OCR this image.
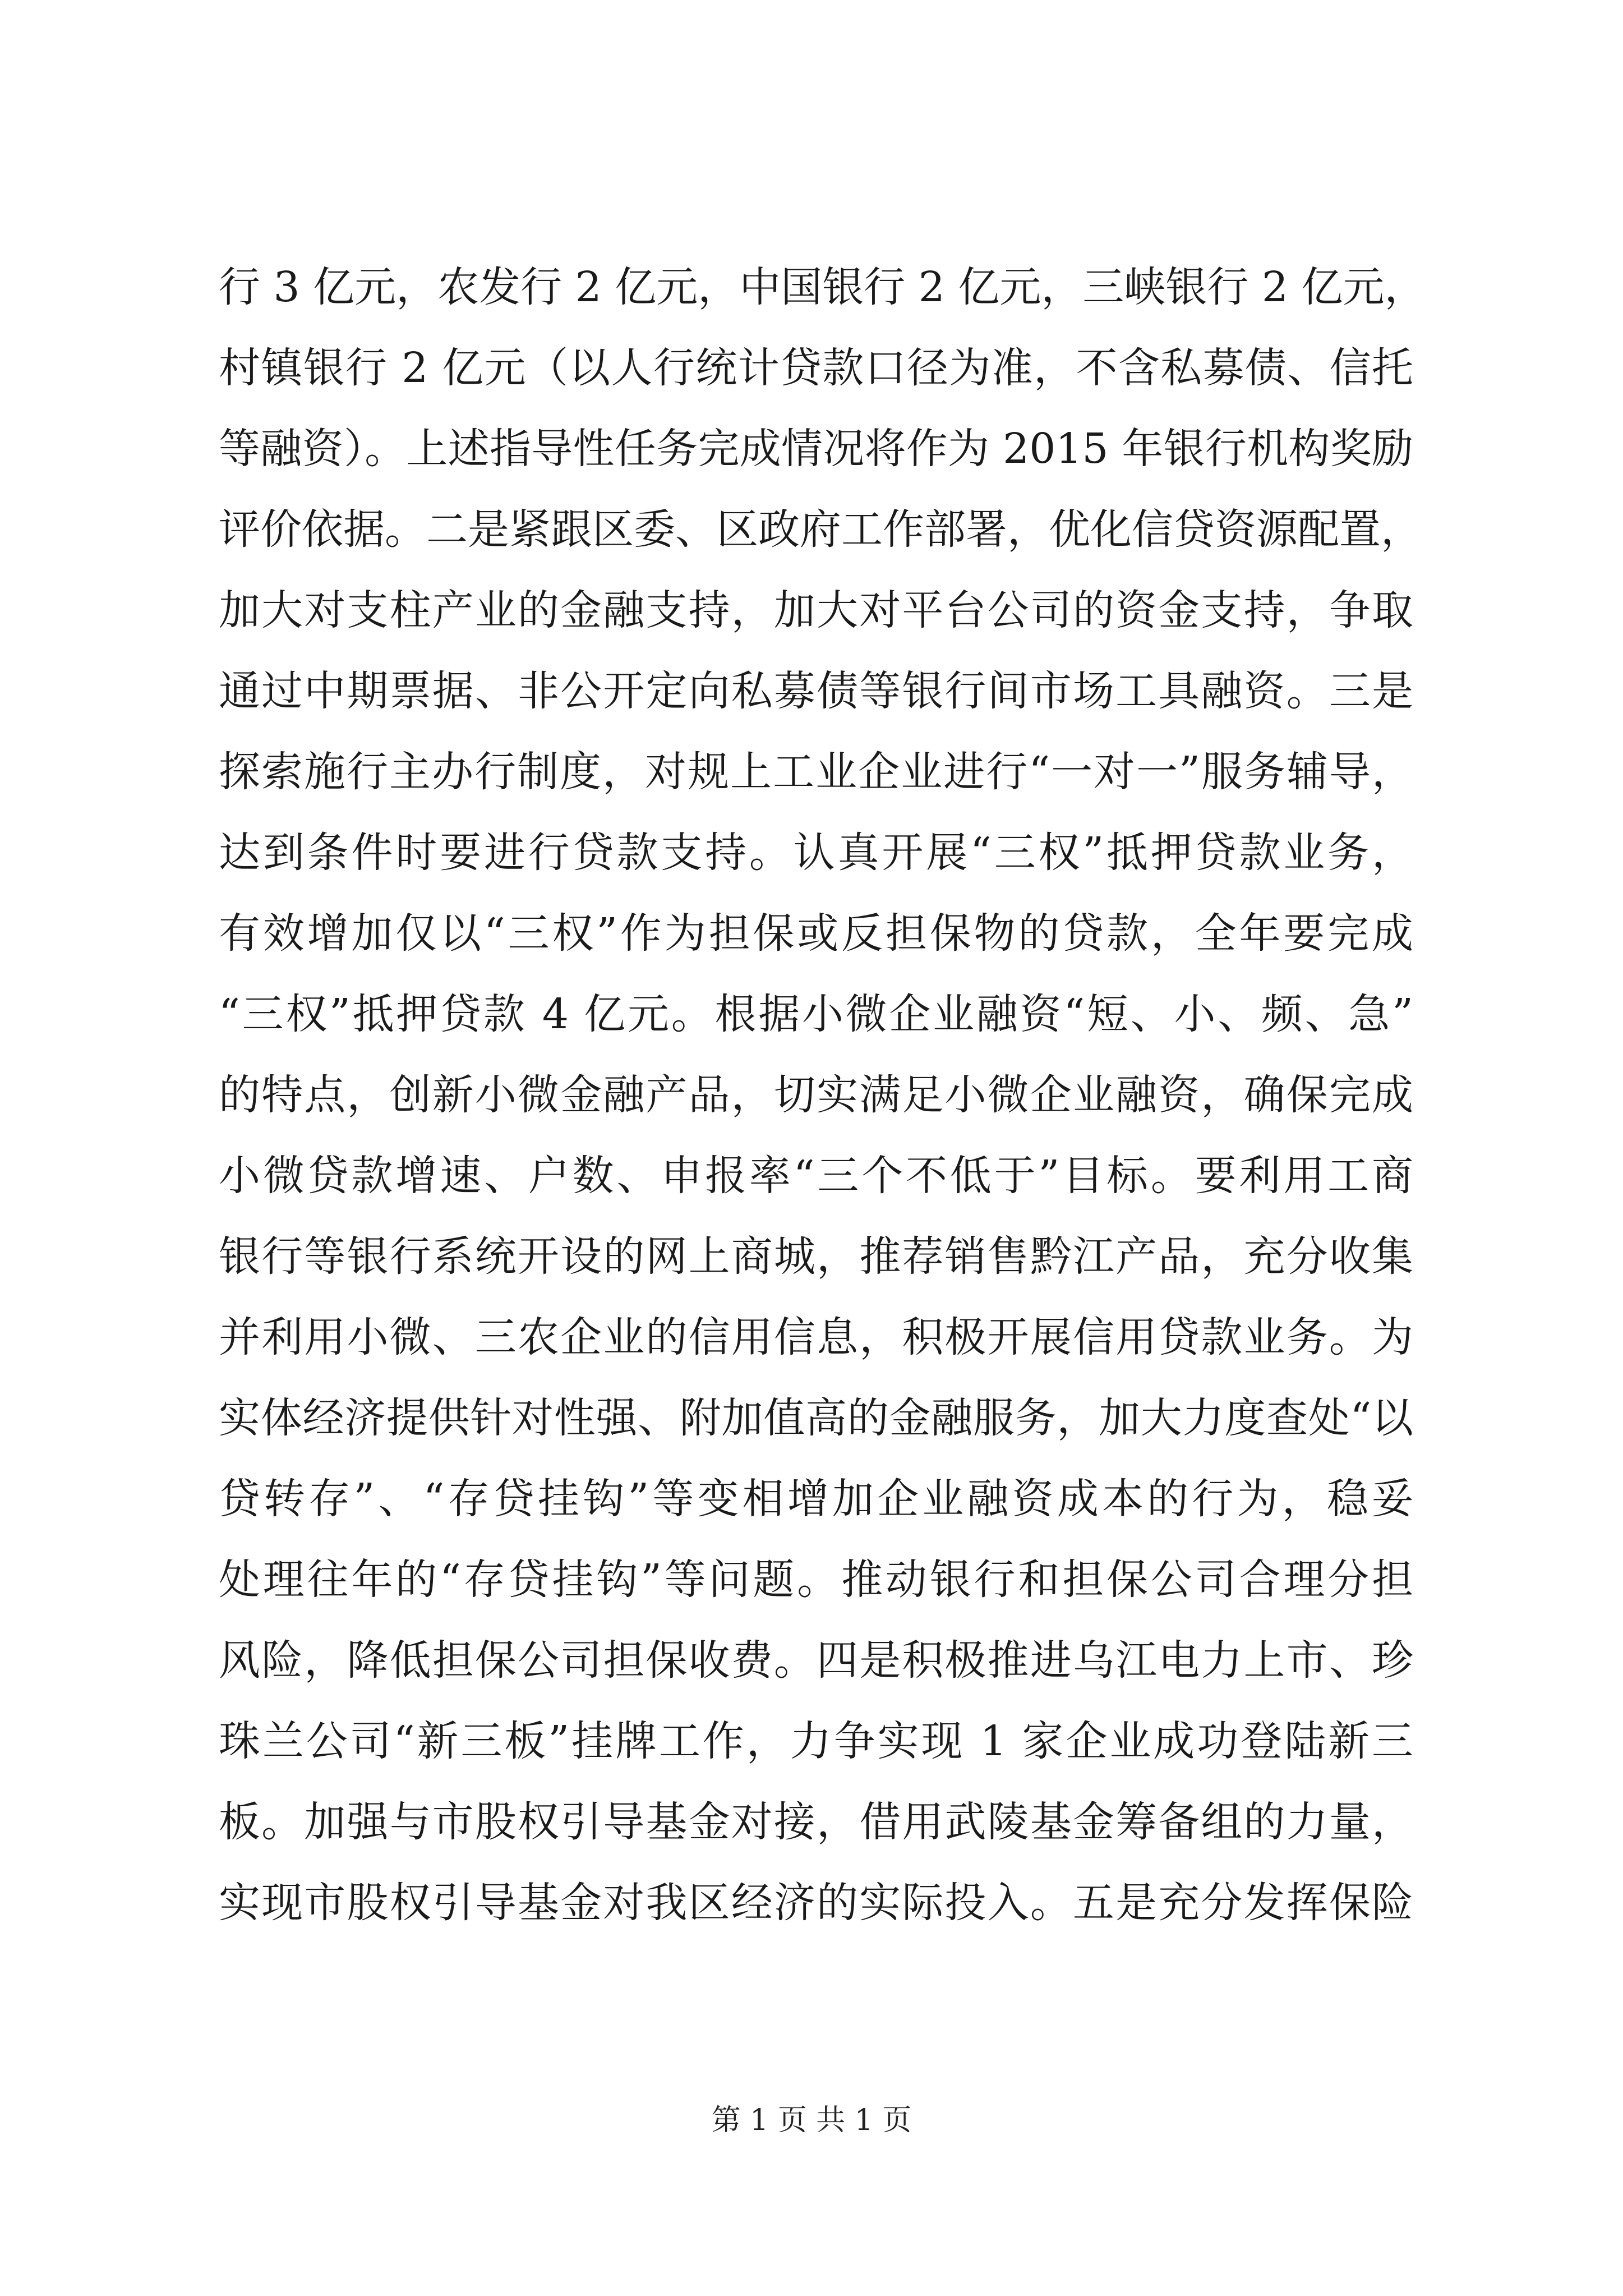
行 3 亿元，农发行 2 亿元，中国银行 2 亿元，三峡银行 2 亿元，
村镇银行 2 亿元（以人行统计贷款口径为准，不含私募债、信托
等融资）。上述指导性任务完成情况将作为 2015 年银行机构奖励
评价依据。二是紧跟区委、区政府工作部署，优化信贷资源配置，
加大对支柱产业的金融支持，加大对平台公司的资金支持，争取
通过中期票据、非公开定向私募债等银行间市场工具融资。三是
探索施行主办行制度，对规上工业企业进行“一对一”服务辅导，
达到条件时要进行贷款支持。认真开展“三权”抵押贷款业务，
有效增加仅以“三权”作为担保或反担保物的贷款，全年要完成
“三权”抵押贷款 4 亿元。根据小微企业融资“短、小、频、急”
的特点，创新小微金融产品，切实满足小微企业融资，确保完成
小微贷款增速、户数、申报率“三个不低于”目标。要利用工商
银行等银行系统开设的网上商城，推荐销售黔江产品，充分收集
并利用小微、三农企业的信用信息，积极开展信用贷款业务。为
实体经济提供针对性强、附加值高的金融服务，加大力度查处“以
贷转存”、“存贷挂钩”等变相增加企业融资成本的行为，稳妥
处理往年的“存贷挂钩”等问题。推动银行和担保公司合理分担
风险，降低担保公司担保收费。四是积极推进乌江电力上市、珍
珠兰公司“新三板”挂牌工作，力争实现 1 家企业成功登陆新三
板。加强与市股权引导基金对接，借用武陵基金筹备组的力量，
实现市股权引导基金对我区经济的实际投入。五是充分发挥保险
第 1 页 共 1 页
